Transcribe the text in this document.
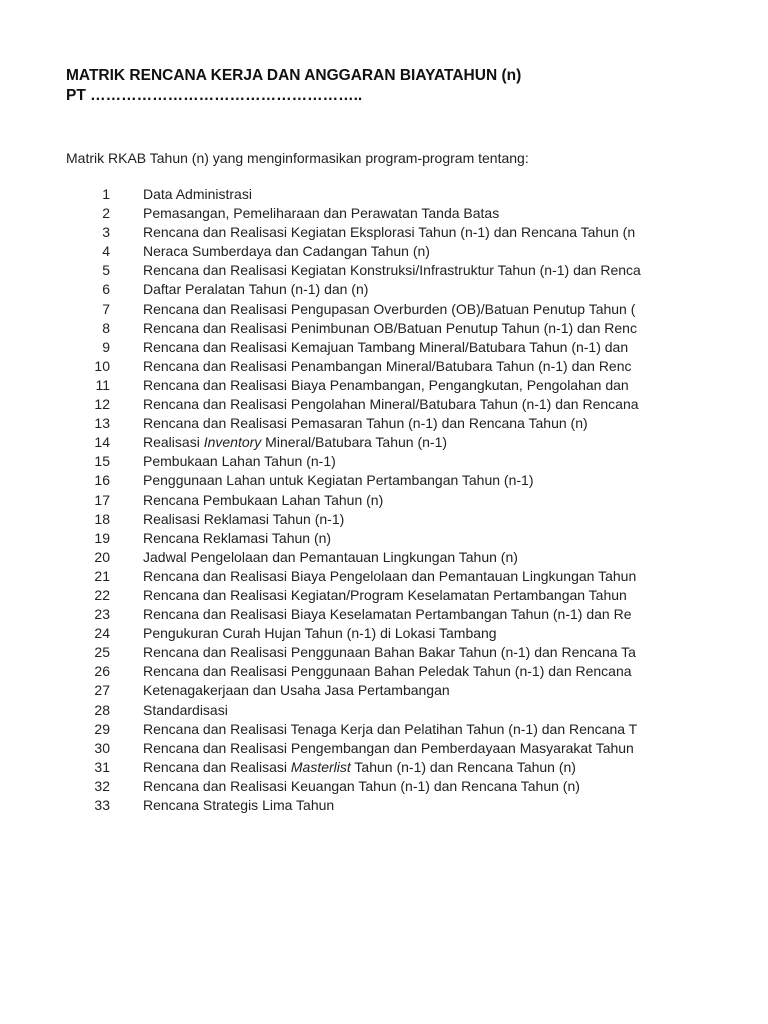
MATRIK RENCANA KERJA DAN ANGGARAN BIAYATAHUN (n)
PT ……………………………………………..
Matrik RKAB Tahun (n) yang menginformasikan program-program tentang:
1 Data Administrasi
2 Pemasangan, Pemeliharaan dan Perawatan Tanda Batas
3 Rencana dan Realisasi Kegiatan Eksplorasi Tahun (n-1) dan Rencana Tahun (n
4 Neraca Sumberdaya dan Cadangan Tahun (n)
5 Rencana dan Realisasi Kegiatan Konstruksi/Infrastruktur Tahun (n-1) dan Renca
6 Daftar Peralatan Tahun (n-1) dan (n)
7 Rencana dan Realisasi Pengupasan Overburden (OB)/Batuan Penutup Tahun (
8 Rencana dan Realisasi Penimbunan OB/Batuan Penutup Tahun (n-1) dan Renc
9 Rencana dan Realisasi Kemajuan Tambang Mineral/Batubara Tahun (n-1) dan
10 Rencana dan Realisasi Penambangan Mineral/Batubara Tahun (n-1) dan Renc
11 Rencana dan Realisasi Biaya Penambangan, Pengangkutan, Pengolahan dan
12 Rencana dan Realisasi Pengolahan Mineral/Batubara Tahun (n-1) dan Rencana
13 Rencana dan Realisasi Pemasaran Tahun (n-1) dan Rencana Tahun (n)
14 Realisasi Inventory Mineral/Batubara Tahun (n-1)
15 Pembukaan Lahan Tahun (n-1)
16 Penggunaan Lahan untuk Kegiatan Pertambangan Tahun (n-1)
17 Rencana Pembukaan Lahan Tahun (n)
18 Realisasi Reklamasi Tahun (n-1)
19 Rencana Reklamasi Tahun (n)
20 Jadwal Pengelolaan dan Pemantauan Lingkungan Tahun (n)
21 Rencana dan Realisasi Biaya Pengelolaan dan Pemantauan Lingkungan Tahun
22 Rencana dan Realisasi Kegiatan/Program Keselamatan Pertambangan Tahun
23 Rencana dan Realisasi Biaya Keselamatan Pertambangan Tahun (n-1) dan Re
24 Pengukuran Curah Hujan Tahun (n-1) di Lokasi Tambang
25 Rencana dan Realisasi Penggunaan Bahan Bakar Tahun (n-1) dan Rencana Ta
26 Rencana dan Realisasi Penggunaan Bahan Peledak Tahun (n-1) dan Rencana
27 Ketenagakerjaan dan Usaha Jasa Pertambangan
28 Standardisasi
29 Rencana dan Realisasi Tenaga Kerja dan Pelatihan Tahun (n-1) dan Rencana T
30 Rencana dan Realisasi Pengembangan dan Pemberdayaan Masyarakat Tahun
31 Rencana dan Realisasi Masterlist Tahun (n-1) dan Rencana Tahun (n)
32 Rencana dan Realisasi Keuangan Tahun (n-1) dan Rencana Tahun (n)
33 Rencana Strategis Lima Tahun
